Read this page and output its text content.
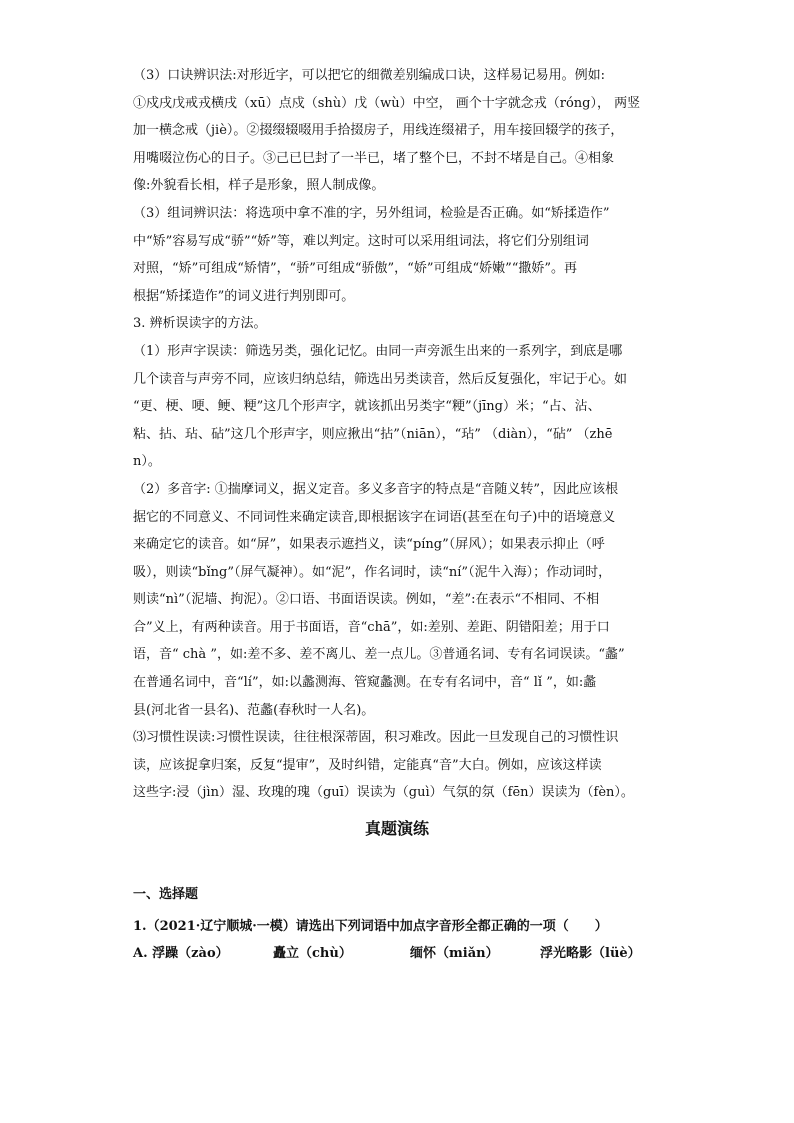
（3）口诀辨识法:对形近字，可以把它的细微差别编成口诀，这样易记易用。例如:
①戍戌戊戒戎横戌（xū）点戍（shù）戊（wù）中空， 画个十字就念戎（róng）， 两竖
加一横念戒（jiè）。②掇缀辍啜用手拾掇房子，用线连缀裙子，用车接回辍学的孩子，
用嘴啜泣伤心的日子。③己已巳封了一半已，堵了整个巳，不封不堵是自己。④相象
像:外貌看长相，样子是形象，照人制成像。
（3）组词辨识法：将选项中拿不准的字，另外组词，检验是否正确。如“矫揉造作”
中“矫”容易写成“骄”“娇”等，难以判定。这时可以采用组词法，将它们分别组词
对照，“矫”可组成“矫情”，“骄”可组成“骄傲”，“娇”可组成“娇嫩”“撒娇”。再
根据“矫揉造作”的词义进行判别即可。
3. 辨析误读字的方法。
（1）形声字误读：筛选另类，强化记忆。由同一声旁派生出来的一系列字，到底是哪
几个读音与声旁不同，应该归纳总结，筛选出另类读音，然后反复强化，牢记于心。如
“更、梗、哽、鲠、粳”这几个形声字，就该抓出另类字“粳”（jīng）米；“占、沾、
粘、拈、玷、砧”这几个形声字，则应揪出“拈”（niān），“玷” （diàn），“砧” （zhē
n）。
（2）多音字: ①揣摩词义，据义定音。多义多音字的特点是“音随义转”，因此应该根
据它的不同意义、不同词性来确定读音,即根据该字在词语(甚至在句子)中的语境意义
来确定它的读音。如“屏”，如果表示遮挡义，读“píng”（屏风）；如果表示抑止（呼
吸），则读“bǐng”（屏气凝神）。如“泥”，作名词时，读“ní”（泥牛入海）；作动词时，
则读“nì”（泥墙、拘泥）。②口语、书面语误读。例如，“差”:在表示“不相同、不相
合”义上，有两种读音。用于书面语，音“chā”，如:差别、差距、阴错阳差；用于口
语，音“ chà ”，如:差不多、差不离儿、差一点儿。③普通名词、专有名词误读。“蠡”
在普通名词中，音“lí”，如:以蠡测海、管窥蠡测。在专有名词中，音“ lǐ ”，如:蠡
县(河北省一县名)、范蠡(春秋时一人名)。
⑶习惯性误读:习惯性误读，往往根深蒂固，积习难改。因此一旦发现自己的习惯性识
读，应该捉拿归案，反复“提审”，及时纠错，定能真“音”大白。例如，应该这样读
这些字:浸（jìn）湿、玫瑰的瑰（guī）误读为（guì）气氛的氛（fēn）误读为（fèn）。
真题演练
一、选择题
1.（2021·辽宁顺城·一模）请选出下列词语中加点字音形全都正确的一项（　　）
A. 浮躁（zào）	矗立（chù）	缅怀（miǎn）	浮光略影（lüè）
